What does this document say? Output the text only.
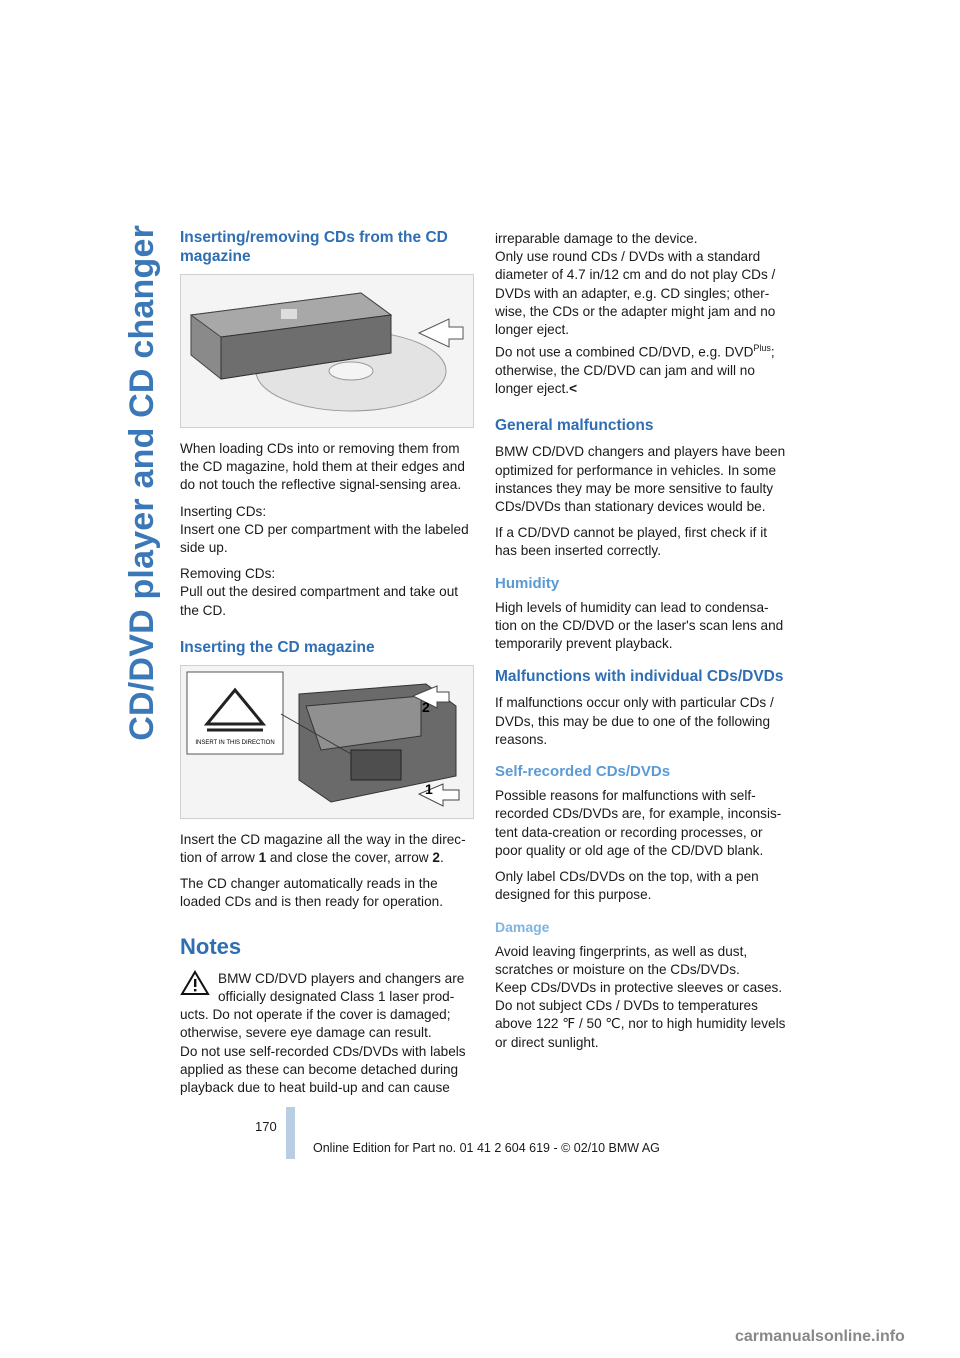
CD/DVD player and CD changer Inserting/removing CDs from the CD magazine

When loading CDs into or removing them from the CD magazine, hold them at their edges and do not touch the reflective signal-sensing area.

Inserting CDs:
Insert one CD per compartment with the labeled side up.

Removing CDs:
Pull out the desired compartment and take out the CD.

Inserting the CD magazine
INSERT IN THIS DIRECTION
2
1

Insert the CD magazine all the way in the direc-tion of arrow 1 and close the cover, arrow 2.

The CD changer automatically reads in the loaded CDs and is then ready for operation.

Notes

BMW CD/DVD players and changers are officially designated Class 1 laser prod-ucts. Do not operate if the cover is damaged; otherwise, severe eye damage can result.

Do not use self-recorded CDs/DVDs with labels applied as these can become detached during playback due to heat build-up and can cause

irreparable damage to the device.
Only use round CDs / DVDs with a standard diameter of 4.7 in/12 cm and do not play CDs / DVDs with an adapter, e.g. CD singles; other-wise, the CDs or the adapter might jam and no longer eject.
Do not use a combined CD/DVD, e.g. $DVD^{Plus}$; otherwise, the CD/DVD can jam and will no longer eject.<

General malfunctions

BMW CD/DVD changers and players have been optimized for performance in vehicles. In some instances they may be more sensitive to faulty CDs/DVDs than stationary devices would be.

If a CD/DVD cannot be played, first check if it has been inserted correctly.

Humidity

High levels of humidity can lead to condensa-tion on the CD/DVD or the laser's scan lens and temporarily prevent playback.

Malfunctions with individual CDs/DVDs

If malfunctions occur only with particular CDs / DVDs, this may be due to one of the following reasons.

Self-recorded CDs/DVDs

Possible reasons for malfunctions with self-recorded CDs/DVDs are, for example, inconsis-tent data-creation or recording processes, or poor quality or old age of the CD/DVD blank.

Only label CDs/DVDs on the top, with a pen designed for this purpose.

Damage

Avoid leaving fingerprints, as well as dust, scratches or moisture on the CDs/DVDs.
Keep CDs/DVDs in protective sleeves or cases.
Do not subject CDs / DVDs to temperatures above 122 ℉ / 50 ℃, nor to high humidity levels or direct sunlight.

170
Online Edition for Part no. 01 41 2 604 619 - © 02/10 BMW AG
carmanualsonline.info
